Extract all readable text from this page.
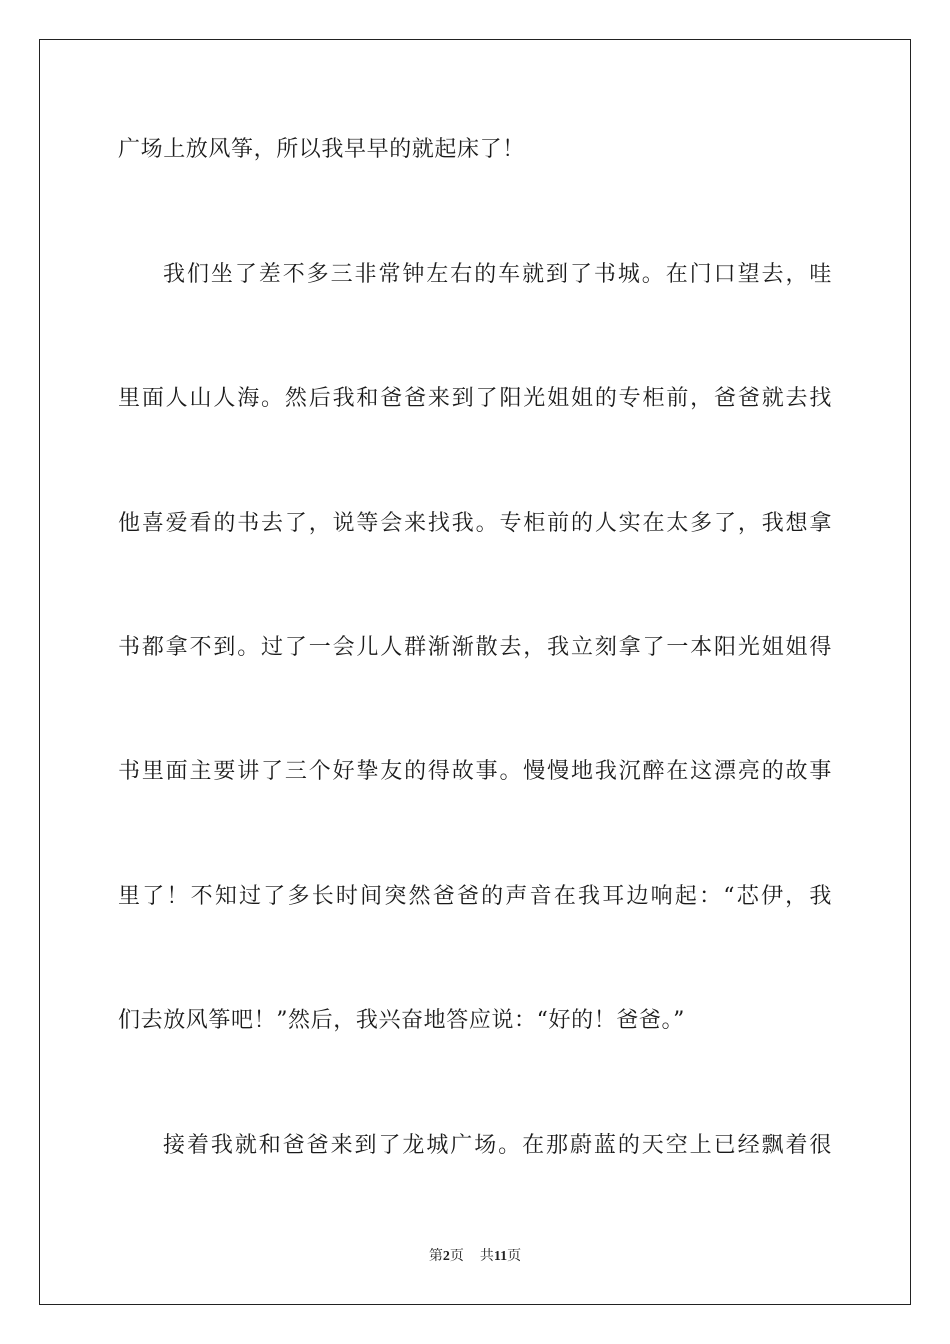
广场上放风筝，所以我早早的就起床了！
我们坐了差不多三非常钟左右的车就到了书城。在门口望去，哇
里面人山人海。然后我和爸爸来到了阳光姐姐的专柜前，爸爸就去找
他喜爱看的书去了，说等会来找我。专柜前的人实在太多了，我想拿
书都拿不到。过了一会儿人群渐渐散去，我立刻拿了一本阳光姐姐得
书里面主要讲了三个好挚友的得故事。慢慢地我沉醉在这漂亮的故事
里了！不知过了多长时间突然爸爸的声音在我耳边响起：“芯伊，我
们去放风筝吧！”然后，我兴奋地答应说：“好的！爸爸。”
接着我就和爸爸来到了龙城广场。在那蔚蓝的天空上已经飘着很
第2页 共11页
